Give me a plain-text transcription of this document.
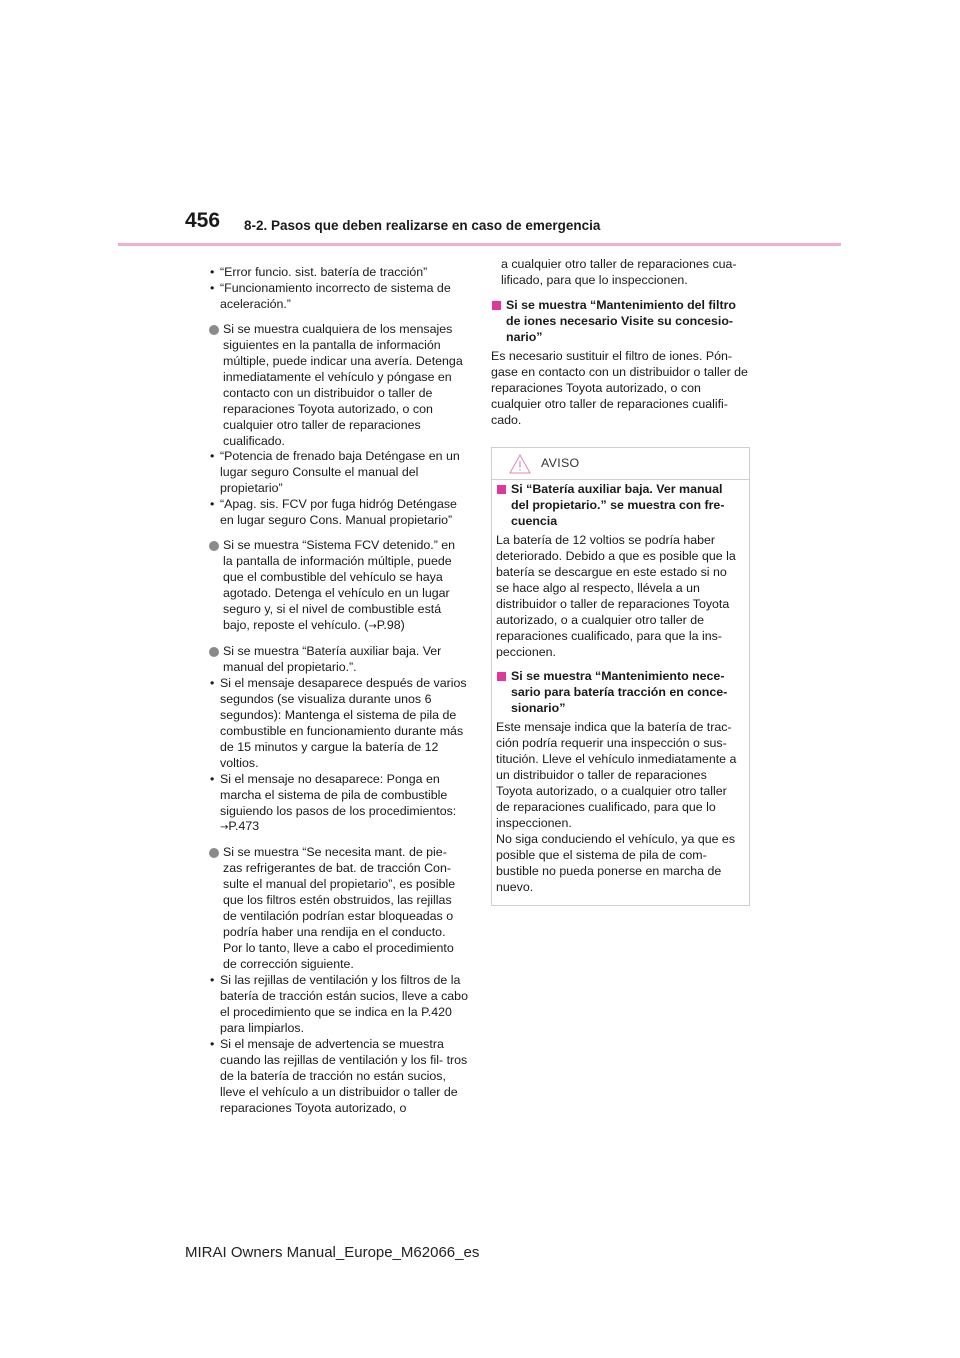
456 8-2. Pasos que deben realizarse en caso de emergencia
• “Error funcio. sist. batería de tracción”
• “Funcionamiento incorrecto de sistema de aceleración.”
Si se muestra cualquiera de los mensajes siguientes en la pantalla de información múltiple, puede indicar una avería. Detenga inmediatamente el vehículo y póngase en contacto con un distribuidor o taller de reparaciones Toyota autorizado, o con cualquier otro taller de reparaciones cualificado.
• “Potencia de frenado baja Deténgase en un lugar seguro Consulte el manual del propietario”
• “Apag. sis. FCV por fuga hidróg Deténgase en lugar seguro Cons. Manual propietario”
Si se muestra “Sistema FCV detenido.” en la pantalla de información múltiple, puede que el combustible del vehículo se haya agotado. Detenga el vehículo en un lugar seguro y, si el nivel de combustible está bajo, reposte el vehículo. (→P.98)
Si se muestra “Batería auxiliar baja. Ver manual del propietario.”.
• Si el mensaje desaparece después de varios segundos (se visualiza durante unos 6 segundos): Mantenga el sistema de pila de combustible en funcionamiento durante más de 15 minutos y cargue la batería de 12 voltios.
• Si el mensaje no desaparece: Ponga en marcha el sistema de pila de combustible siguiendo los pasos de los procedimientos:
→P.473
Si se muestra “Se necesita mant. de pie- zas refrigerantes de bat. de tracción Con- sulte el manual del propietario”, es posible que los filtros estén obstruidos, las rejillas de ventilación podrían estar bloqueadas o podría haber una rendija en el conducto. Por lo tanto, lleve a cabo el procedimiento de corrección siguiente.
• Si las rejillas de ventilación y los filtros de la batería de tracción están sucios, lleve a cabo el procedimiento que se indica en la P.420 para limpiarlos.
• Si el mensaje de advertencia se muestra cuando las rejillas de ventilación y los fil- tros de la batería de tracción no están sucios, lleve el vehículo a un distribuidor o taller de reparaciones Toyota autorizado, o
a cualquier otro taller de reparaciones cua- lificado, para que lo inspeccionen.
Si se muestra “Mantenimiento del filtro de iones necesario Visite su concesio- nario”
Es necesario sustituir el filtro de iones. Pón- gase en contacto con un distribuidor o taller de reparaciones Toyota autorizado, o con cualquier otro taller de reparaciones cualifi- cado.
AVISO
Si “Batería auxiliar baja. Ver manual del propietario.” se muestra con fre- cuencia
La batería de 12 voltios se podría haber deteriorado. Debido a que es posible que la batería se descargue en este estado si no se hace algo al respecto, llévela a un distribuidor o taller de reparaciones Toyota autorizado, o a cualquier otro taller de reparaciones cualificado, para que la ins- peccionen.
Si se muestra “Mantenimiento nece- sario para batería tracción en conce- sionario”
Este mensaje indica que la batería de trac- ción podría requerir una inspección o sus- titución. Lleve el vehículo inmediatamente a un distribuidor o taller de reparaciones Toyota autorizado, o a cualquier otro taller de reparaciones cualificado, para que lo inspeccionen.
No siga conduciendo el vehículo, ya que es posible que el sistema de pila de com- bustible no pueda ponerse en marcha de nuevo.
MIRAI Owners Manual_Europe_M62066_es
